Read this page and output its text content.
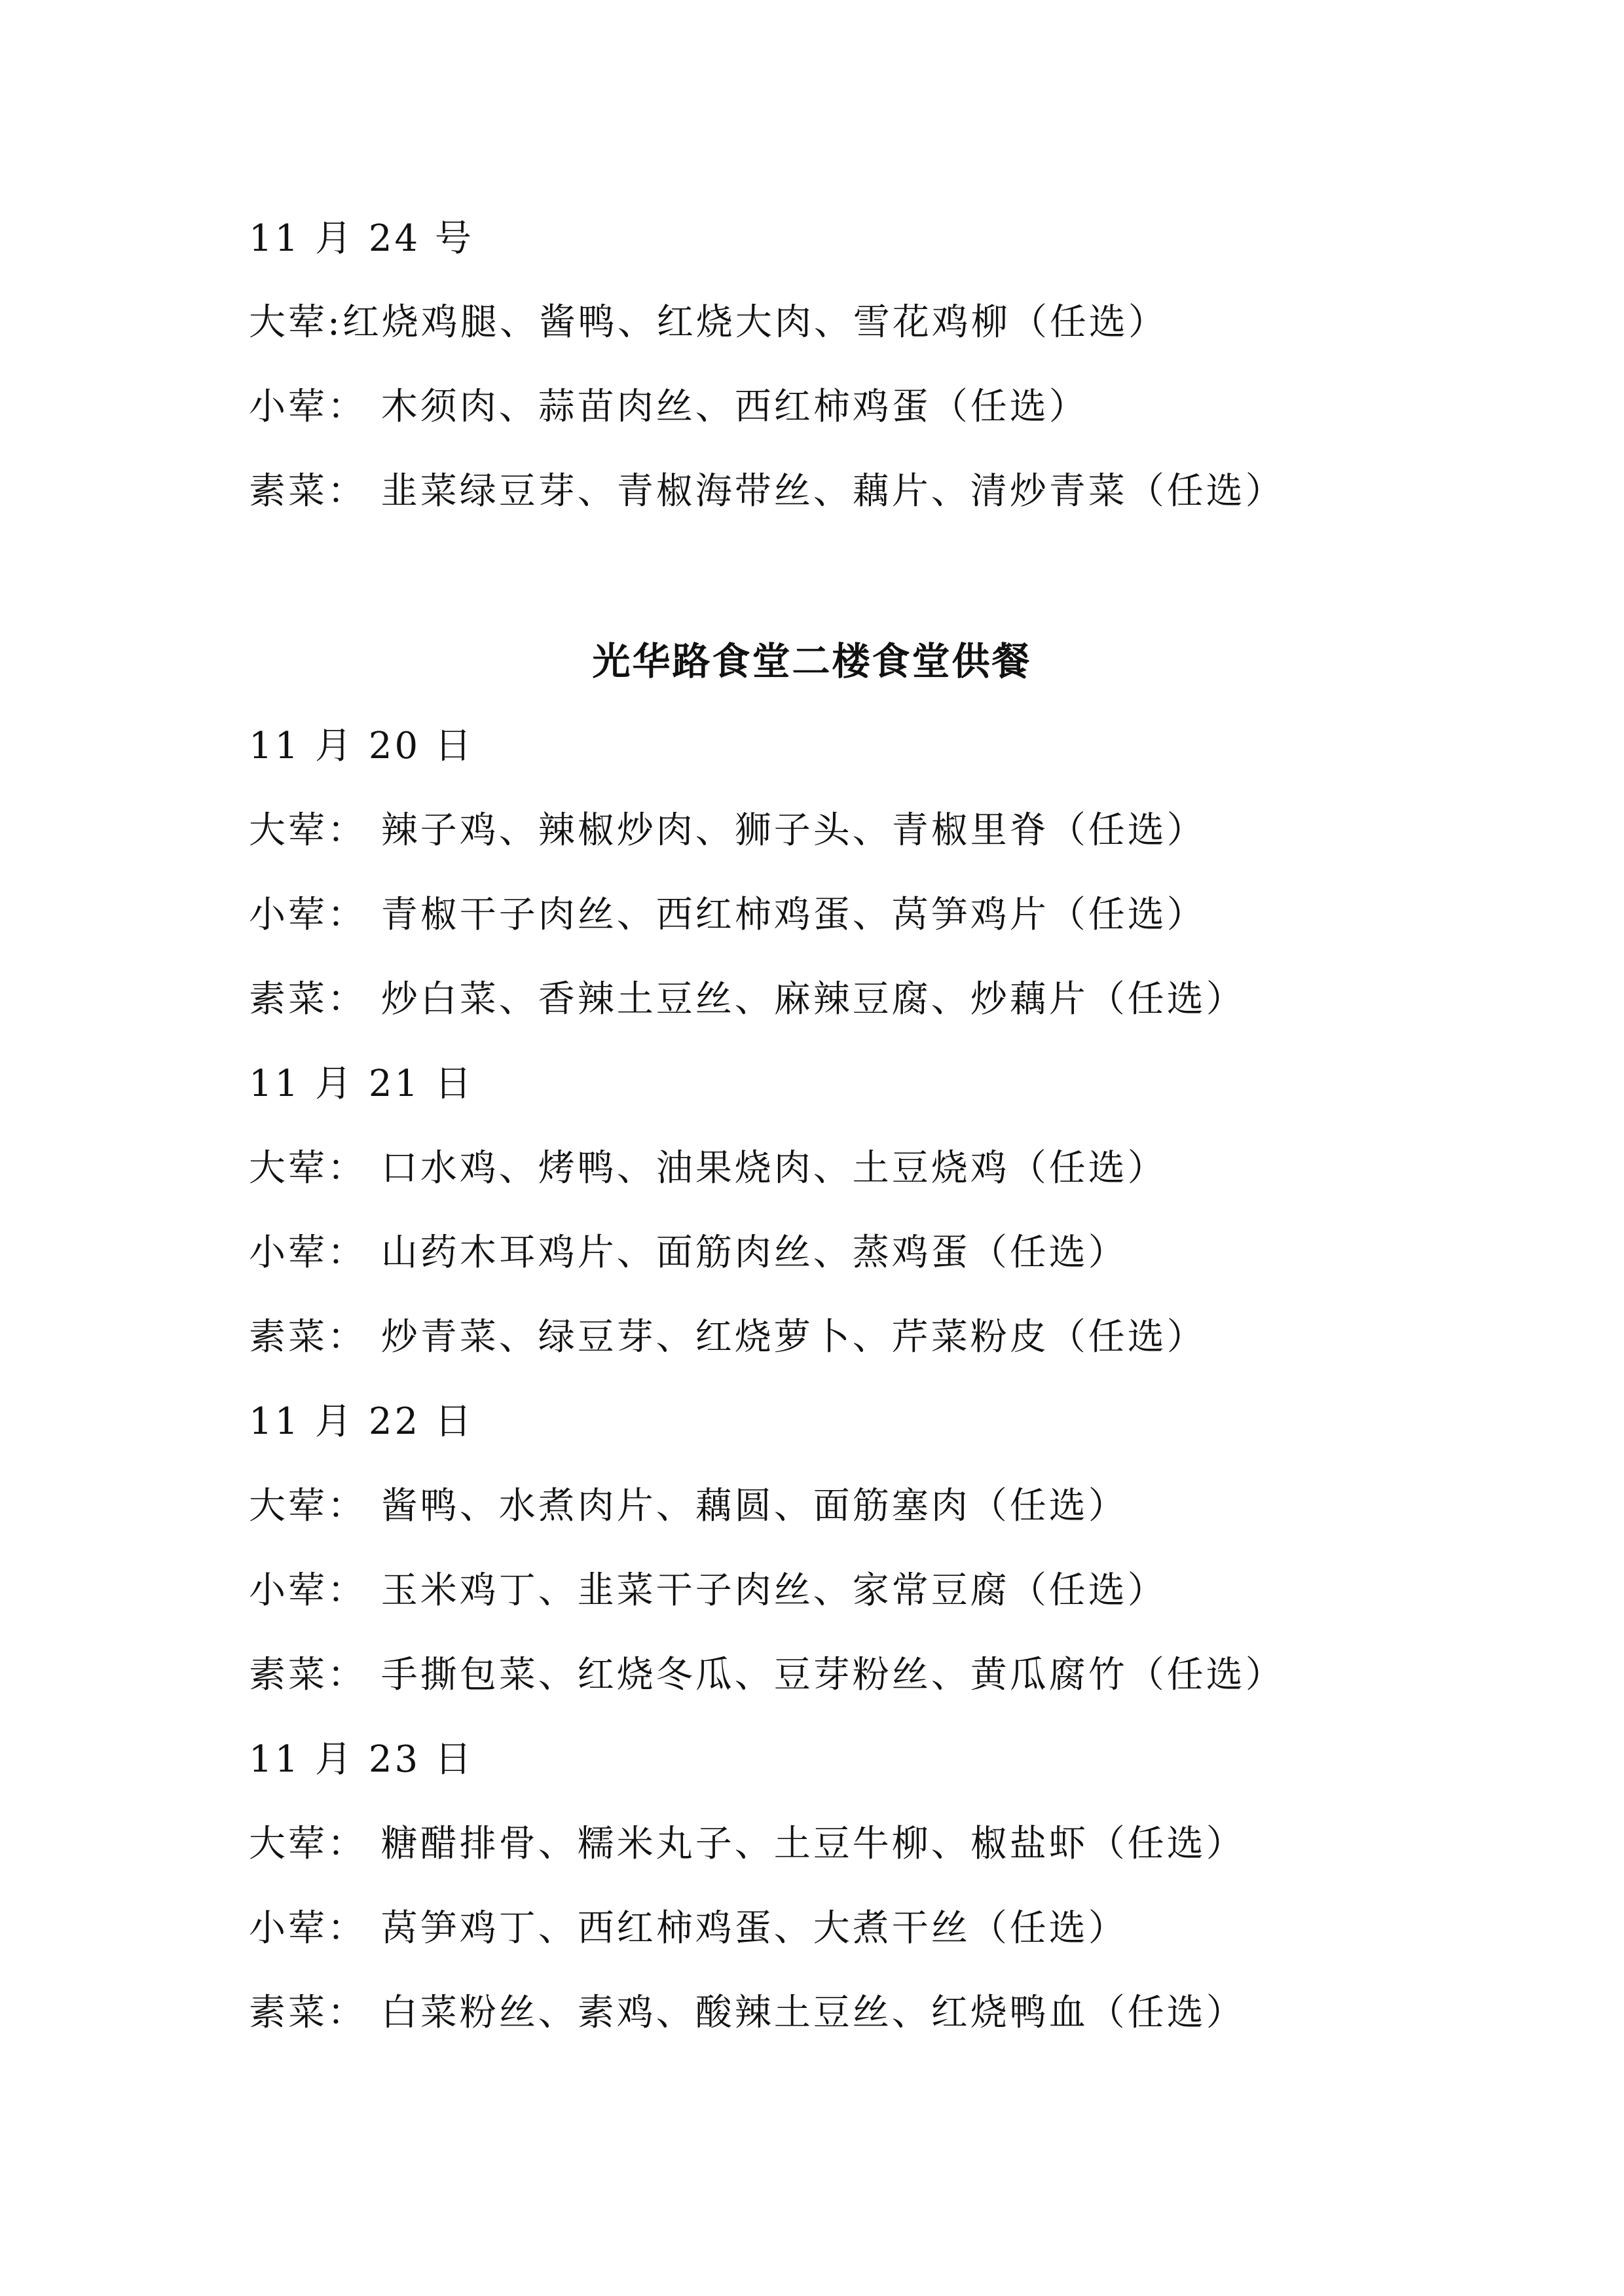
11 月 24 号
大荤:红烧鸡腿、酱鸭、红烧大肉、雪花鸡柳（任选）
小荤： 木须肉、蒜苗肉丝、西红柿鸡蛋（任选）
素菜： 韭菜绿豆芽、青椒海带丝、藕片、清炒青菜（任选）
光华路食堂二楼食堂供餐
11 月 20 日
大荤： 辣子鸡、辣椒炒肉、狮子头、青椒里脊（任选）
小荤： 青椒干子肉丝、西红柿鸡蛋、莴笋鸡片（任选）
素菜： 炒白菜、香辣土豆丝、麻辣豆腐、炒藕片（任选）
11 月 21 日
大荤： 口水鸡、烤鸭、油果烧肉、土豆烧鸡（任选）
小荤： 山药木耳鸡片、面筋肉丝、蒸鸡蛋（任选）
素菜： 炒青菜、绿豆芽、红烧萝卜、芹菜粉皮（任选）
11 月 22 日
大荤： 酱鸭、水煮肉片、藕圆、面筋塞肉（任选）
小荤： 玉米鸡丁、韭菜干子肉丝、家常豆腐（任选）
素菜： 手撕包菜、红烧冬瓜、豆芽粉丝、黄瓜腐竹（任选）
11 月 23 日
大荤： 糖醋排骨、糯米丸子、土豆牛柳、椒盐虾（任选）
小荤： 莴笋鸡丁、西红柿鸡蛋、大煮干丝（任选）
素菜： 白菜粉丝、素鸡、酸辣土豆丝、红烧鸭血（任选）
